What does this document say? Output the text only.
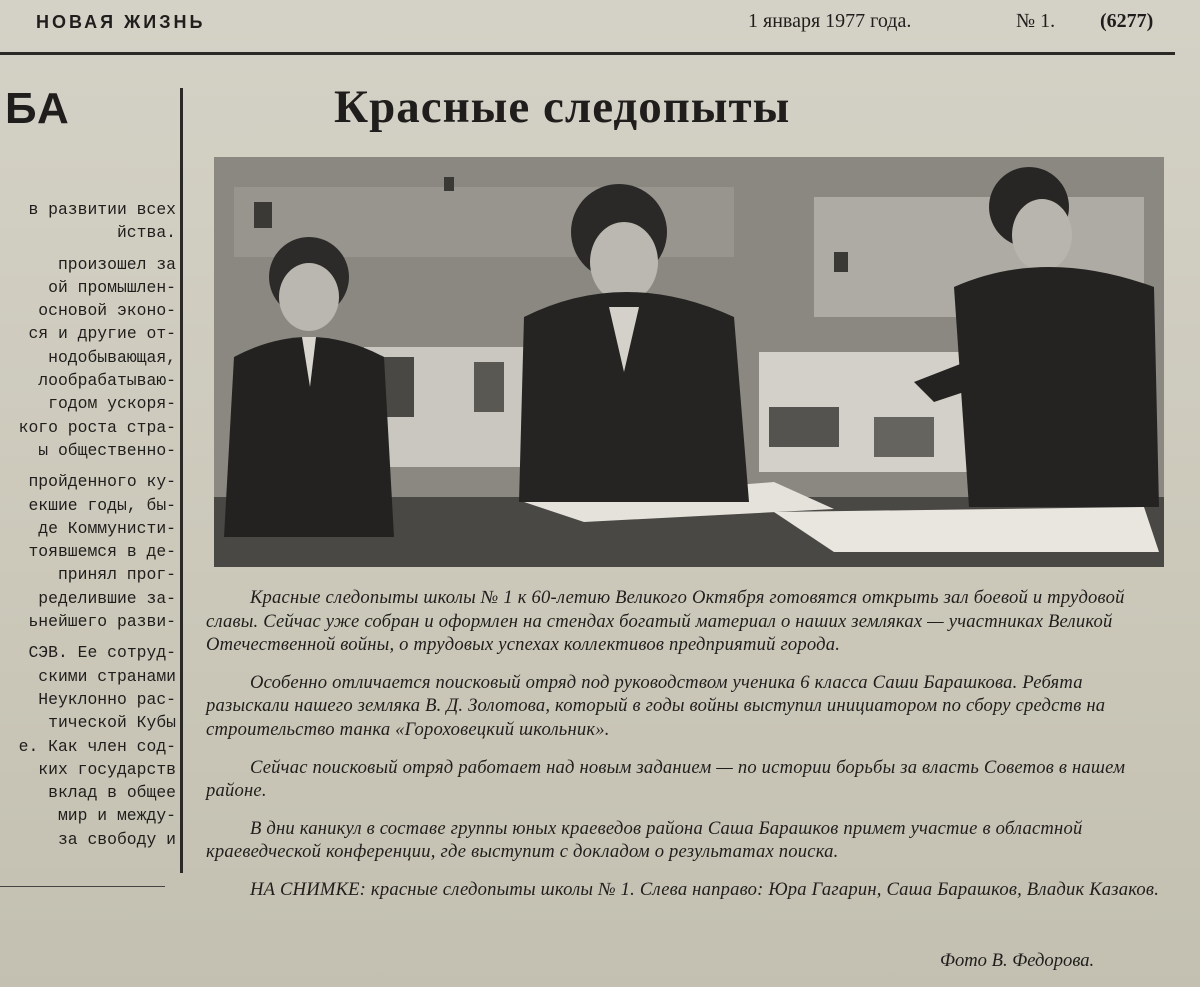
НОВАЯ ЖИЗНЬ	1 января 1977 года.	№ 1. (6277)
БА

в развитии всех
йства.

произошел за
ой промышлен-
основой эконо-
ся и другие от-
нодобывающая,
лообрабатываю-
годом ускоря-
кого роста стра-
ы общественно-

пройденного ку-
екшие годы, бы-
де Коммунисти-
тоявшемся в де-
принял прог-
ределившие за-
ьнейшего разви-

СЭВ. Ее сотруд-
скими странами
Неуклонно рас-
тической Кубы
е. Как член сод-
ких государств
вклад в общее
мир и между-
за свободу и

Красные следопыты

Красные следопыты школы № 1 к 60-летию Великого Октября готовятся открыть зал боевой и трудовой славы. Сейчас уже собран и оформлен на стендах богатый материал о наших земляках — участниках Великой Отечественной войны, о трудовых успехах коллективов предприятий города.

Особенно отличается поисковый отряд под руководством ученика 6 класса Саши Барашкова. Ребята разыскали нашего земляка В. Д. Золотова, который в годы войны выступил инициатором по сбору средств на строительство танка «Гороховецкий школьник».

Сейчас поисковый отряд работает над новым заданием — по истории борьбы за власть Советов в нашем районе.

В дни каникул в составе группы юных краеведов района Саша Барашков примет участие в областной краеведческой конференции, где выступит с докладом о результатах поиска.

НА СНИМКЕ: красные следопыты школы № 1. Слева направо: Юра Гагарин, Саша Барашков, Владик Казаков.

Фото В. Федорова.
